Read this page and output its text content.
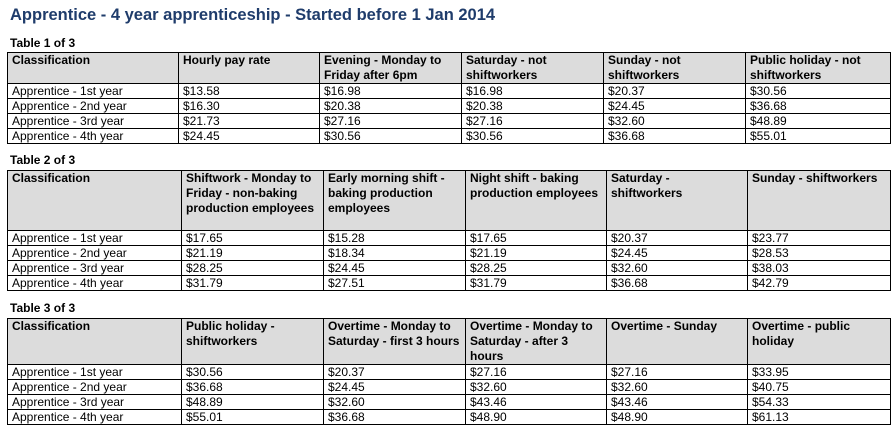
Apprentice - 4 year apprenticeship - Started before 1 Jan 2014
Table 1 of 3
Classification	Hourly pay rate	Evening - Monday to Friday after 6pm	Saturday - not shiftworkers	Sunday - not shiftworkers	Public holiday - not shiftworkers
Apprentice - 1st year	$13.58	$16.98	$16.98	$20.37	$30.56
Apprentice - 2nd year	$16.30	$20.38	$20.38	$24.45	$36.68
Apprentice - 3rd year	$21.73	$27.16	$27.16	$32.60	$48.89
Apprentice - 4th year	$24.45	$30.56	$30.56	$36.68	$55.01
Table 2 of 3
Classification	Shiftwork - Monday to Friday - non-baking production employees	Early morning shift - baking production employees	Night shift - baking production employees	Saturday - shiftworkers	Sunday - shiftworkers
Apprentice - 1st year	$17.65	$15.28	$17.65	$20.37	$23.77
Apprentice - 2nd year	$21.19	$18.34	$21.19	$24.45	$28.53
Apprentice - 3rd year	$28.25	$24.45	$28.25	$32.60	$38.03
Apprentice - 4th year	$31.79	$27.51	$31.79	$36.68	$42.79
Table 3 of 3
Classification	Public holiday - shiftworkers	Overtime - Monday to Saturday - first 3 hours	Overtime - Monday to Saturday - after 3 hours	Overtime - Sunday	Overtime - public holiday
Apprentice - 1st year	$30.56	$20.37	$27.16	$27.16	$33.95
Apprentice - 2nd year	$36.68	$24.45	$32.60	$32.60	$40.75
Apprentice - 3rd year	$48.89	$32.60	$43.46	$43.46	$54.33
Apprentice - 4th year	$55.01	$36.68	$48.90	$48.90	$61.13
